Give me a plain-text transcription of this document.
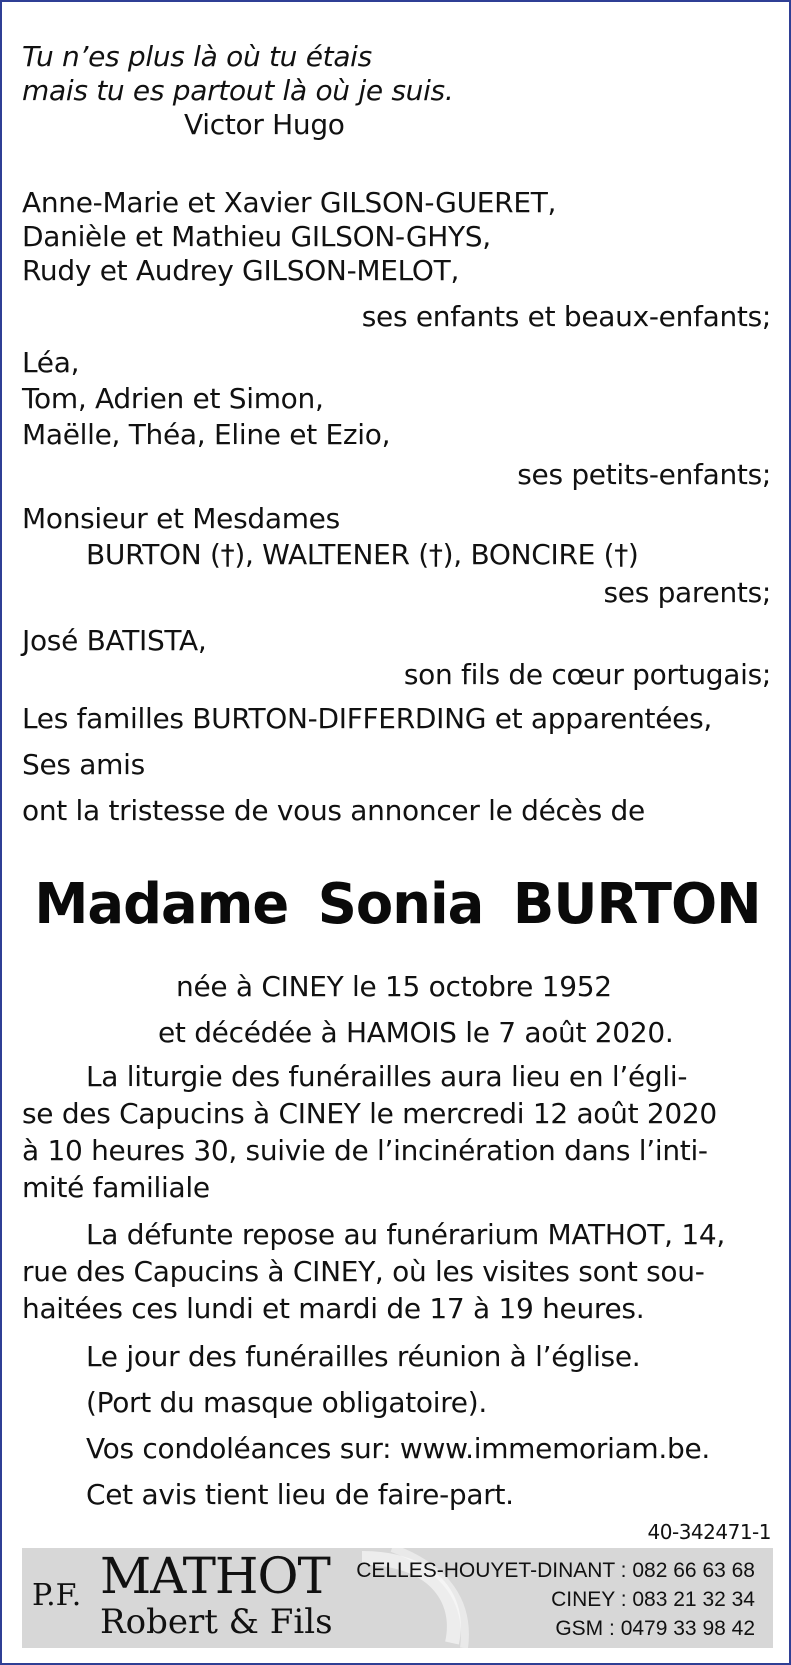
Tu n’es plus là où tu étais
mais tu es partout là où je suis.
Victor Hugo
Anne-Marie et Xavier GILSON-GUERET,
Danièle et Mathieu GILSON-GHYS,
Rudy et Audrey GILSON-MELOT,
ses enfants et beaux-enfants;
Léa,
Tom, Adrien et Simon,
Maëlle, Théa, Eline et Ezio,
ses petits-enfants;
Monsieur et Mesdames
BURTON (†), WALTENER (†), BONCIRE (†)
ses parents;
José BATISTA,
son fils de cœur portugais;
Les familles BURTON-DIFFERDING et apparentées,
Ses amis
ont la tristesse de vous annoncer le décès de
Madame Sonia BURTON
née à CINEY le 15 octobre 1952
et décédée à HAMOIS le 7 août 2020.
La liturgie des funérailles aura lieu en l’égli-
se des Capucins à CINEY le mercredi 12 août 2020
à 10 heures 30, suivie de l’incinération dans l’inti-
mité familiale
La défunte repose au funérarium MATHOT, 14,
rue des Capucins à CINEY, où les visites sont sou-
haitées ces lundi et mardi de 17 à 19 heures.
Le jour des funérailles réunion à l’église.
(Port du masque obligatoire).
Vos condoléances sur: www.immemoriam.be.
Cet avis tient lieu de faire-part.
40-342471-1
P.F. MATHOT
Robert & Fils
CELLES-HOUYET-DINANT : 082 66 63 68
CINEY : 083 21 32 34
GSM : 0479 33 98 42
